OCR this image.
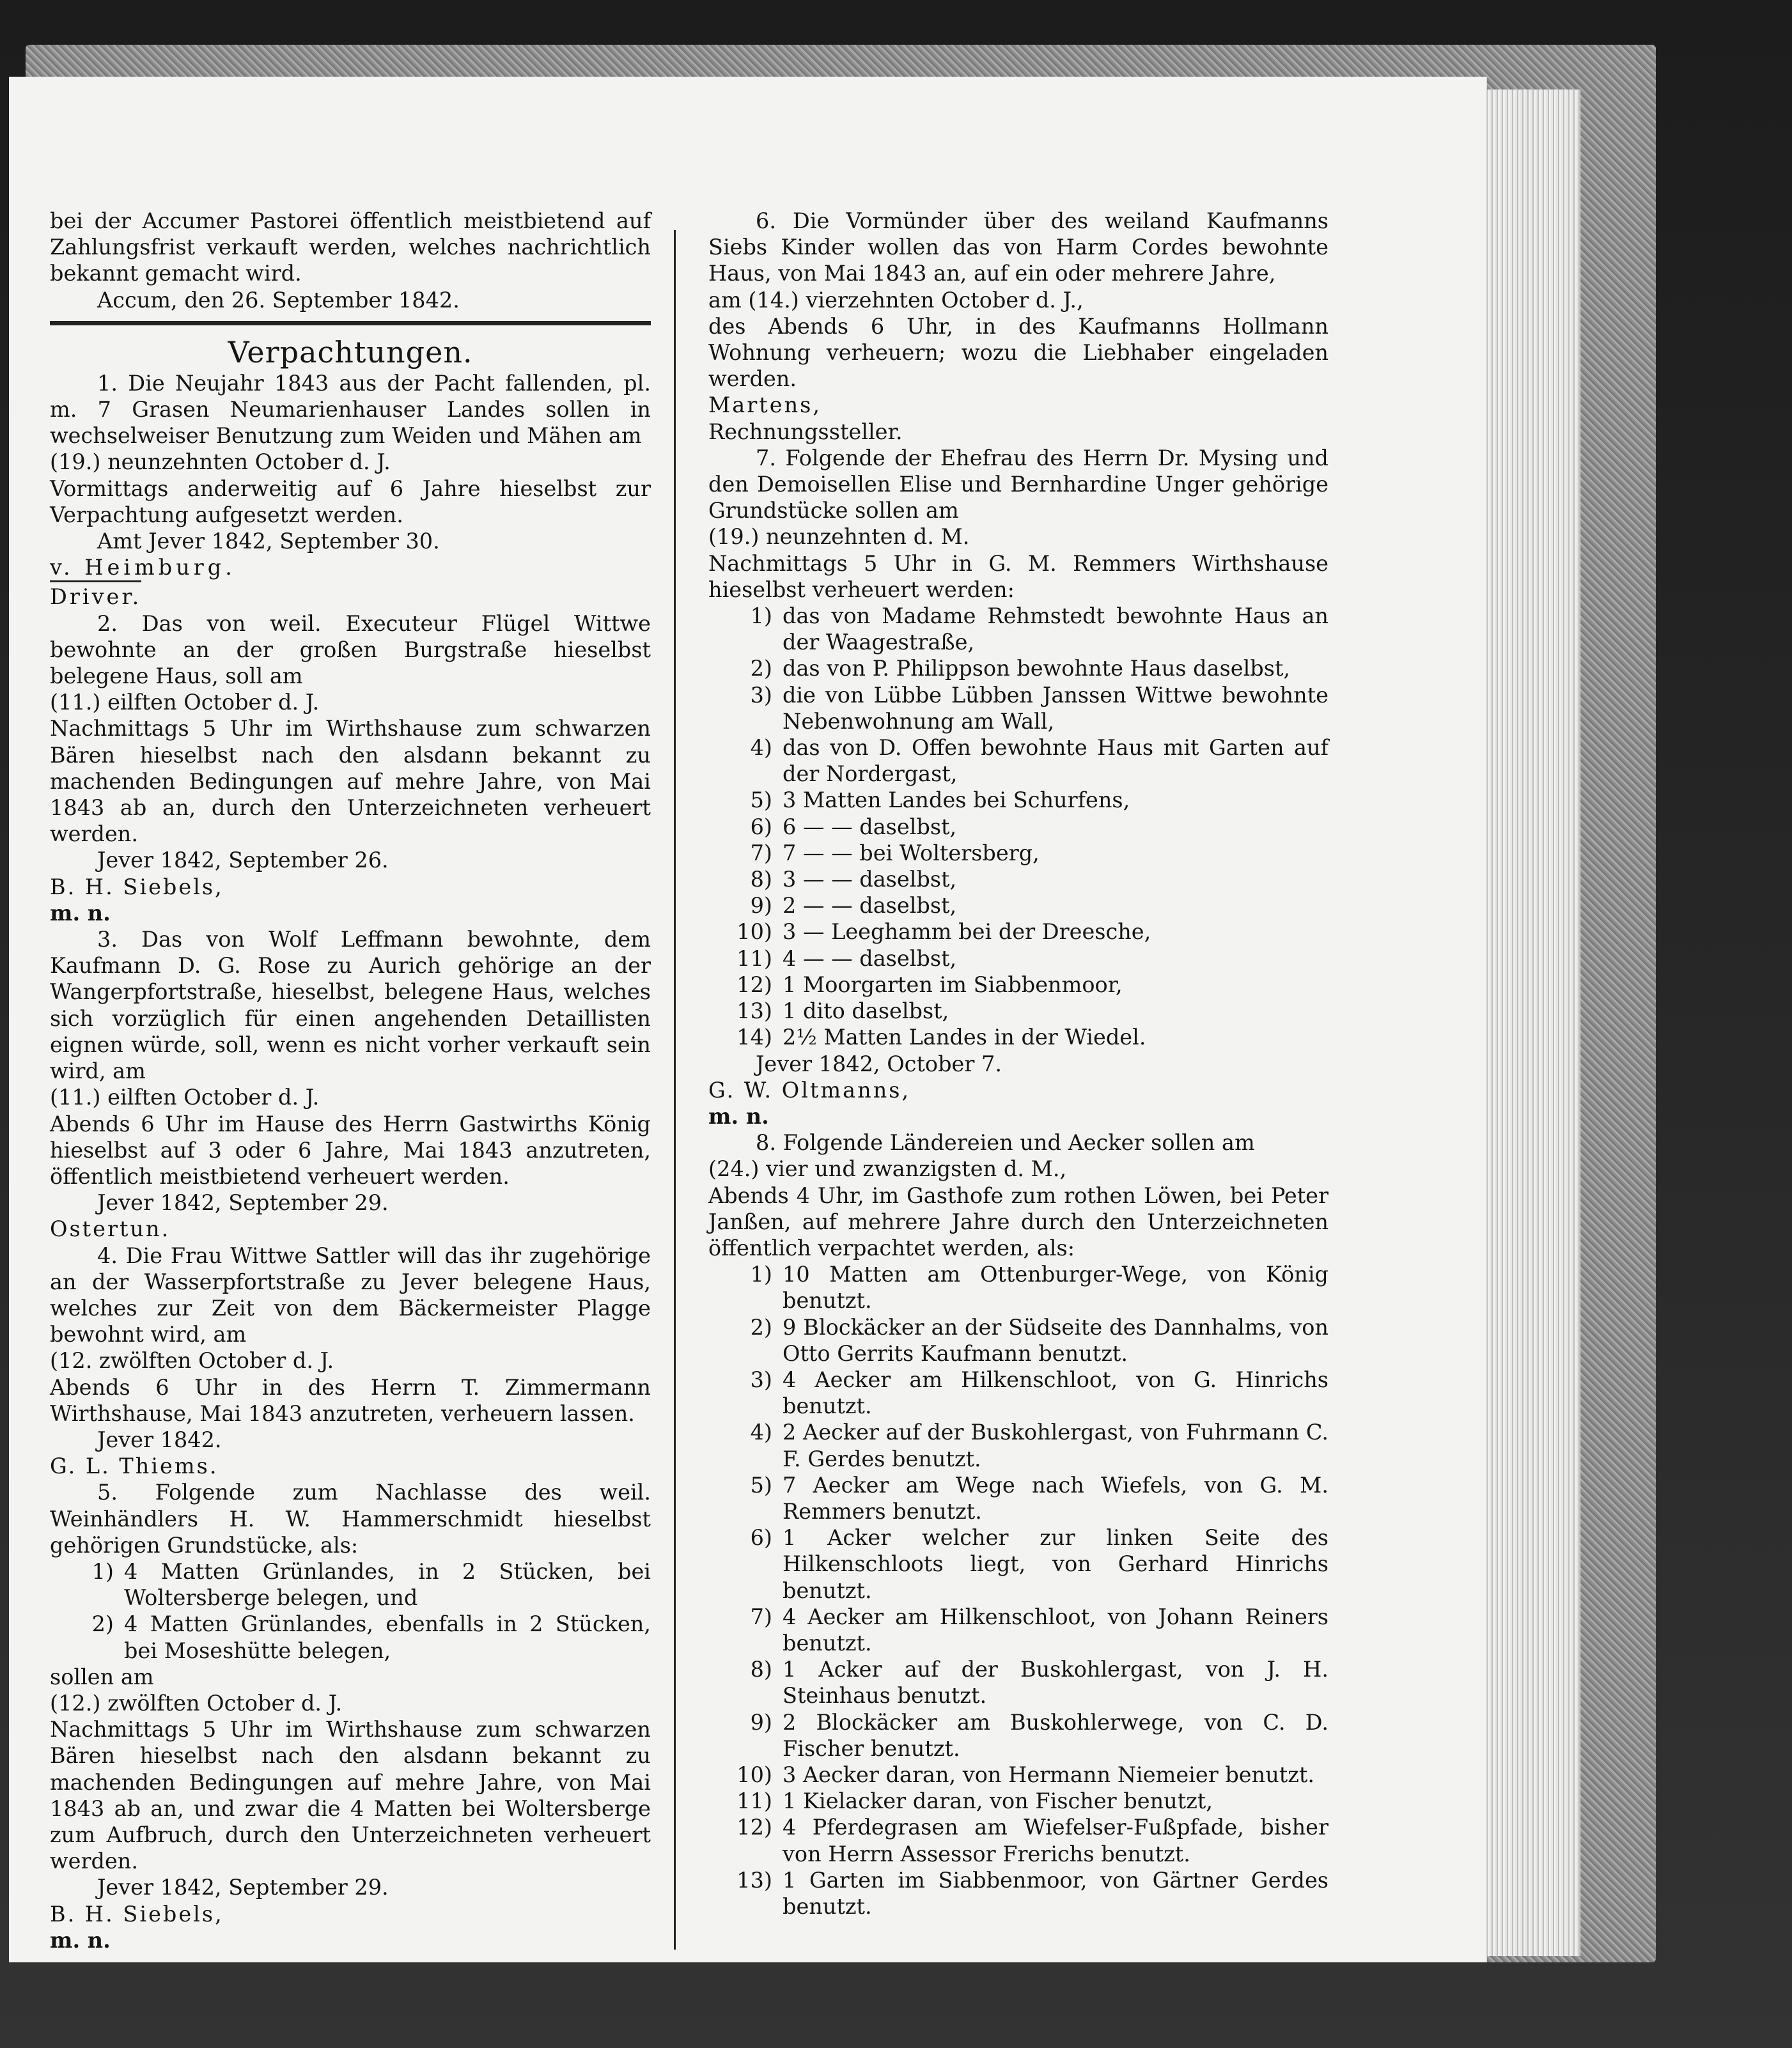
bei der Accumer Pastorei öffentlich meistbietend auf Zahlungsfrist verkauft werden, welches nachrichtlich bekannt gemacht wird.

Accum, den 26. September 1842.

Verpachtungen.

1. Die Neujahr 1843 aus der Pacht fallenden, pl. m. 7 Grasen Neumarienhauser Landes sollen in wechselweiser Benutzung zum Weiden und Mähen am

(19.) neunzehnten October d. J.

Vormittags anderweitig auf 6 Jahre hieselbst zur Verpachtung aufgesetzt werden.

Amt Jever 1842, September 30.

v. Heimburg.

Driver.

2. Das von weil. Executeur Flügel Wittwe bewohnte an der großen Burgstraße hieselbst belegene Haus, soll am

(11.) eilften October d. J.

Nachmittags 5 Uhr im Wirthshause zum schwarzen Bären hieselbst nach den alsdann bekannt zu machenden Bedingungen auf mehre Jahre, von Mai 1843 ab an, durch den Unterzeichneten verheuert werden.

Jever 1842, September 26.

B. H. Siebels,

m. n.

3. Das von Wolf Leffmann bewohnte, dem Kaufmann D. G. Rose zu Aurich gehörige an der Wangerpfortstraße, hieselbst, belegene Haus, welches sich vorzüglich für einen angehenden Detaillisten eignen würde, soll, wenn es nicht vorher verkauft sein wird, am

(11.) eilften October d. J.

Abends 6 Uhr im Hause des Herrn Gastwirths König hieselbst auf 3 oder 6 Jahre, Mai 1843 anzutreten, öffentlich meistbietend verheuert werden.

Jever 1842, September 29.

Ostertun.

4. Die Frau Wittwe Sattler will das ihr zugehörige an der Wasserpfortstraße zu Jever belegene Haus, welches zur Zeit von dem Bäckermeister Plagge bewohnt wird, am

(12. zwölften October d. J.

Abends 6 Uhr in des Herrn T. Zimmermann Wirthshause, Mai 1843 anzutreten, verheuern lassen.

Jever 1842.

G. L. Thiems.

5. Folgende zum Nachlasse des weil. Weinhändlers H. W. Hammerschmidt hieselbst gehörigen Grundstücke, als:

1) 4 Matten Grünlandes, in 2 Stücken, bei Woltersberge belegen, und
2) 4 Matten Grünlandes, ebenfalls in 2 Stücken, bei Moseshütte belegen,

sollen am

(12.) zwölften October d. J.

Nachmittags 5 Uhr im Wirthshause zum schwarzen Bären hieselbst nach den alsdann bekannt zu machenden Bedingungen auf mehre Jahre, von Mai 1843 ab an, und zwar die 4 Matten bei Woltersberge zum Aufbruch, durch den Unterzeichneten verheuert werden.

Jever 1842, September 29.

B. H. Siebels,

m. n.

6. Die Vormünder über des weiland Kaufmanns Siebs Kinder wollen das von Harm Cordes bewohnte Haus, von Mai 1843 an, auf ein oder mehrere Jahre,

am (14.) vierzehnten October d. J.,

des Abends 6 Uhr, in des Kaufmanns Hollmann Wohnung verheuern; wozu die Liebhaber eingeladen werden.

Martens,

Rechnungssteller.

7. Folgende der Ehefrau des Herrn Dr. Mysing und den Demoisellen Elise und Bernhardine Unger gehörige Grundstücke sollen am

(19.) neunzehnten d. M.

Nachmittags 5 Uhr in G. M. Remmers Wirthshause hieselbst verheuert werden:

1) das von Madame Rehmstedt bewohnte Haus an der Waagestraße,
2) das von P. Philippson bewohnte Haus daselbst,
3) die von Lübbe Lübben Janssen Wittwe bewohnte Nebenwohnung am Wall,
4) das von D. Offen bewohnte Haus mit Garten auf der Nordergast,
5) 3 Matten Landes bei Schurfens,
6) 6 — — daselbst,
7) 7 — — bei Woltersberg,
8) 3 — — daselbst,
9) 2 — — daselbst,
10) 3 — Leeghamm bei der Dreesche,
11) 4 — — daselbst,
12) 1 Moorgarten im Siabbenmoor,
13) 1 dito daselbst,
14) 2½ Matten Landes in der Wiedel.

Jever 1842, October 7.

G. W. Oltmanns,

m. n.

8. Folgende Ländereien und Aecker sollen am

(24.) vier und zwanzigsten d. M.,

Abends 4 Uhr, im Gasthofe zum rothen Löwen, bei Peter Janßen, auf mehrere Jahre durch den Unterzeichneten öffentlich verpachtet werden, als:

1) 10 Matten am Ottenburger-Wege, von König benutzt.
2) 9 Blockäcker an der Südseite des Dannhalms, von Otto Gerrits Kaufmann benutzt.
3) 4 Aecker am Hilkenschloot, von G. Hinrichs benutzt.
4) 2 Aecker auf der Buskohlergast, von Fuhrmann C. F. Gerdes benutzt.
5) 7 Aecker am Wege nach Wiefels, von G. M. Remmers benutzt.
6) 1 Acker welcher zur linken Seite des Hilkenschloots liegt, von Gerhard Hinrichs benutzt.
7) 4 Aecker am Hilkenschloot, von Johann Reiners benutzt.
8) 1 Acker auf der Buskohlergast, von J. H. Steinhaus benutzt.
9) 2 Blockäcker am Buskohlerwege, von C. D. Fischer benutzt.
10) 3 Aecker daran, von Hermann Niemeier benutzt.
11) 1 Kielacker daran, von Fischer benutzt,
12) 4 Pferdegrasen am Wiefelser-Fußpfade, bisher von Herrn Assessor Frerichs benutzt.
13) 1 Garten im Siabbenmoor, von Gärtner Gerdes benutzt.
